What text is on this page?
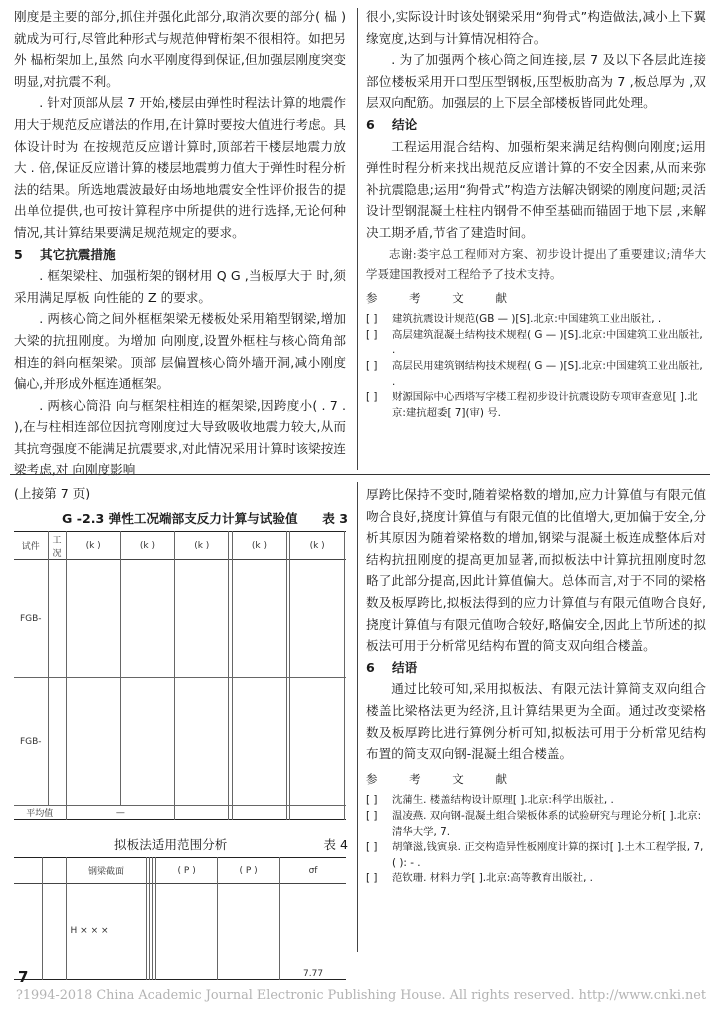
刚度是主要的部分,抓住并强化此部分,取消次要的部分( 榀 )就成为可行,尽管此种形式与规范伸臂桁架不很相符。如把另外 榀桁架加上,虽然 向水平刚度得到保证,但加强层刚度突变明显,对抗震不利。

. 针对顶部从层 7 开始,楼层由弹性时程法计算的地震作用大于规范反应谱法的作用,在计算时要按大值进行考虑。具体设计时为 在按规范反应谱计算时,顶部若干楼层地震力放大 . 倍,保证反应谱计算的楼层地震剪力值大于弹性时程分析法的结果。所选地震波最好由场地地震安全性评价报告的提出单位提供,也可按计算程序中所提供的进行选择,无论何种情况,其计算结果要满足规范规定的要求。

5 其它抗震措施

. 框架梁柱、加强桁架的钢材用 Q G ,当板厚大于 时,须采用满足厚板 向性能的 Z 的要求。

. 两核心筒之间外框框架梁无楼板处采用箱型钢梁,增加大梁的抗扭刚度。为增加 向刚度,设置外框柱与核心筒角部相连的斜向框架梁。顶部 层偏置核心筒外墙开洞,减小刚度偏心,并形成外框连通框架。

. 两核心筒沿 向与框架柱相连的框架梁,因跨度小( . 7 . ),在与柱相连部位因抗弯刚度过大导致吸收地震力较大,从而其抗弯强度不能满足抗震要求,对此情况采用计算时该梁按连梁考虑,对 向刚度影响

很小,实际设计时该处钢梁采用“狗骨式”构造做法,减小上下翼缘宽度,达到与计算情况相符合。

. 为了加强两个核心筒之间连接,层 7 及以下各层此连接部位楼板采用开口型压型钢板,压型板肋高为 7 ,板总厚为 ,双层双向配筋。加强层的上下层全部楼板皆同此处理。

6 结论

工程运用混合结构、加强桁架来满足结构侧向刚度;运用弹性时程分析来找出规范反应谱计算的不安全因素,从而来弥补抗震隐患;运用“狗骨式”构造方法解决钢梁的刚度问题;灵活设计型钢混凝土柱柱内钢骨不伸至基础而锚固于地下层 ,来解决工期矛盾,节省了建造时间。

志谢:娄宇总工程师对方案、初步设计提出了重要建议;清华大学聂建国教授对工程给予了技术支持。

参 考 文 献

[ ] 建筑抗震设计规范(GB — )[S].北京:中国建筑工业出版社, .
[ ] 高层建筑混凝土结构技术规程( G — )[S].北京:中国建筑工业出版社, .
[ ] 高层民用建筑钢结构技术规程( G — )[S].北京:中国建筑工业出版社, .
[ ] 财源国际中心西塔写字楼工程初步设计抗震设防专项审查意见[ ].北京:建抗超委[ 7](审) 号.
(上接第 7 页)
G -2.3 弹性工况端部支反力计算与试验值 表 3
试件	工况	(k )	(k )	(k )		(k )		(k )	
FGB-									
FGB-									
平均值		—							
拟板法适用范围分析	表 4
		钢梁截面				( P )	( P )	σf
		H × × ×						7.77

厚跨比保持不变时,随着梁格数的增加,应力计算值与有限元值吻合良好,挠度计算值与有限元值的比值增大,更加偏于安全,分析其原因为随着梁格数的增加,钢梁与混凝土板连成整体后对结构抗扭刚度的提高更加显著,而拟板法中计算抗扭刚度时忽略了此部分提高,因此计算值偏大。总体而言,对于不同的梁格数及板厚跨比,拟板法得到的应力计算值与有限元值吻合良好,挠度计算值与有限元值吻合较好,略偏安全,因此上节所述的拟板法可用于分析常见结构布置的简支双向组合楼盖。

6 结语

通过比较可知,采用拟板法、有限元法计算简支双向组合楼盖比梁格法更为经济,且计算结果更为全面。通过改变梁格数及板厚跨比进行算例分析可知,拟板法可用于分析常见结构布置的简支双向钢-混凝土组合楼盖。

参 考 文 献

[ ] 沈蒲生. 楼盖结构设计原理[ ].北京:科学出版社, .
[ ] 温凌燕. 双向钢-混凝土组合梁板体系的试验研究与理论分析[ ].北京:清华大学, 7.
[ ] 胡肇滋,钱寅泉. 正交构造异性板刚度计算的探讨[ ].土木工程学报, 7,( ): - .
[ ] 范钦珊. 材料力学[ ].北京:高等教育出版社, .
7
?1994-2018 China Academic Journal Electronic Publishing House. All rights reserved. http://www.cnki.net
